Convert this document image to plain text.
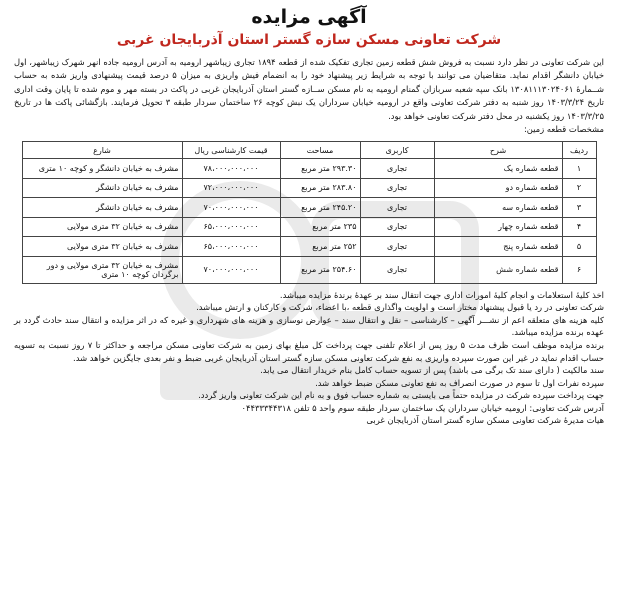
آگهی مزایده
شرکت تعاونی مسکن سازه گستر استان آذربایجان غربی

این شرکت تعاونی در نظر دارد نسبت به فروش شش قطعه زمین تجاری تفکیک شده از قطعه ۱۸۹۴ تجاری زیباشهر ارومیه به آدرس ارومیه جاده انهر شهرک زیباشهر، اول خیابان دانشگر اقدام نماید. متقاضیان می توانند با توجه به شرایط زیر پیشنهاد خود را به انضمام فیش واریزی به میزان ۵ درصد قیمت پیشنهادی واریز شده به حساب شــمارهٔ ۱۳۰۸۱۱۱۳۰۲۴۰۶۱ بانک سپه شعبه سربازان گمنام ارومیه به نام مسکن ســازه گستر استان آذربایجان غربی در پاکت در بسته مهر و موم شده تا پایان وقت اداری تاریخ ۱۴۰۳/۳/۲۴ روز شنبه به دفتر شرکت تعاونی واقع در ارومیه خیابان سرداران یک نبش کوچه ۲۶ ساختمان سردار طبقه ۳ تحویل فرمایند. بازگشائی پاکت ها در تاریخ ۱۴۰۳/۳/۲۵ روز یکشنبه در محل دفتر شرکت تعاونی خواهد بود.

مشخصات قطعه زمین:

ردیف	شرح	کاربری	مساحت	قیمت کارشناسی ریال	شارع
۱	قطعه شماره یک	تجاری	۲۹۳.۳۰ متر مربع	۷۸،۰۰۰،۰۰۰،۰۰۰	مشرف به خیابان دانشگر و کوچه ۱۰ متری
۲	قطعه شماره دو	تجاری	۲۸۳.۸۰ متر مربع	۷۲،۰۰۰،۰۰۰،۰۰۰	مشرف به خیابان دانشگر
۳	قطعه شماره سه	تجاری	۲۴۵.۲۰ متر مربع	۷۰،۰۰۰،۰۰۰،۰۰۰	مشرف به خیابان دانشگر
۴	قطعه شماره چهار	تجاری	۲۳۵ متر مربع	۶۵،۰۰۰،۰۰۰،۰۰۰	مشرف به خیابان ۳۲ متری مولایی
۵	قطعه شماره پنج	تجاری	۲۵۲ متر مربع	۶۵،۰۰۰،۰۰۰،۰۰۰	مشرف به خیابان ۳۲ متری مولایی
۶	قطعه شماره شش	تجاری	۲۵۴.۶۰ متر مربع	۷۰،۰۰۰،۰۰۰،۰۰۰	مشرف به خیابان ۳۲ متری مولایی و دور برگردان کوچه ۱۰ متری

اخذ کلیهٔ استعلامات و انجام کلیهٔ امورات اداری جهت انتقال سند بر عهدهٔ برندهٔ مزایده میباشد.

شرکت تعاونی در رد یا قبول پیشنهاد مختار است و اولویت واگذاری قطعه ،با اعضاء، شرکت و کارکنان و ارتش میباشد.

کلیه هزینه های متعلقه اعم از نشـــر آگهی – کارشناسی – نقل و انتقال سند – عوارض نوسازی و هزینه های شهرداری و غیره که در اثر مزایده و انتقال سند حادث گردد بر عهده برنده مزایده میباشد.

برنده مزایده موظف است ظرف مدت ۵ روز پس از اعلام تلفنی جهت پرداخت کل مبلغ بهای زمین به شرکت تعاونی مسکن مراجعه و حداکثر تا ۷ روز نسبت به تسویه حساب اقدام نماید در غیر این صورت سپرده واریزی به نفع شرکت تعاونی مسکن سازه گستر استان آذربایجان غربی ضبط و نفر بعدی جایگزین خواهد شد.

سند مالکیت ( دارای سند تک برگی می باشد) پس از تسویه حساب کامل بنام خریدار انتقال می یابد.

سپرده نفرات اول تا سوم در صورت انصراف به نفع تعاونی مسکن ضبط خواهد شد.

جهت پرداخت سپرده شرکت در مزایده حتماً می بایستی به شماره حساب فوق و به نام این شرکت تعاونی واریز گردد.

آدرس شرکت تعاونی: ارومیه خیابان سرداران یک ساختمان سردار طبقه سوم واحد ۵ تلفن ۰۴۴۳۳۳۴۴۳۱۸

هیات مدیرهٔ شرکت تعاونی مسکن سازه گستر استان آذربایجان غربی
